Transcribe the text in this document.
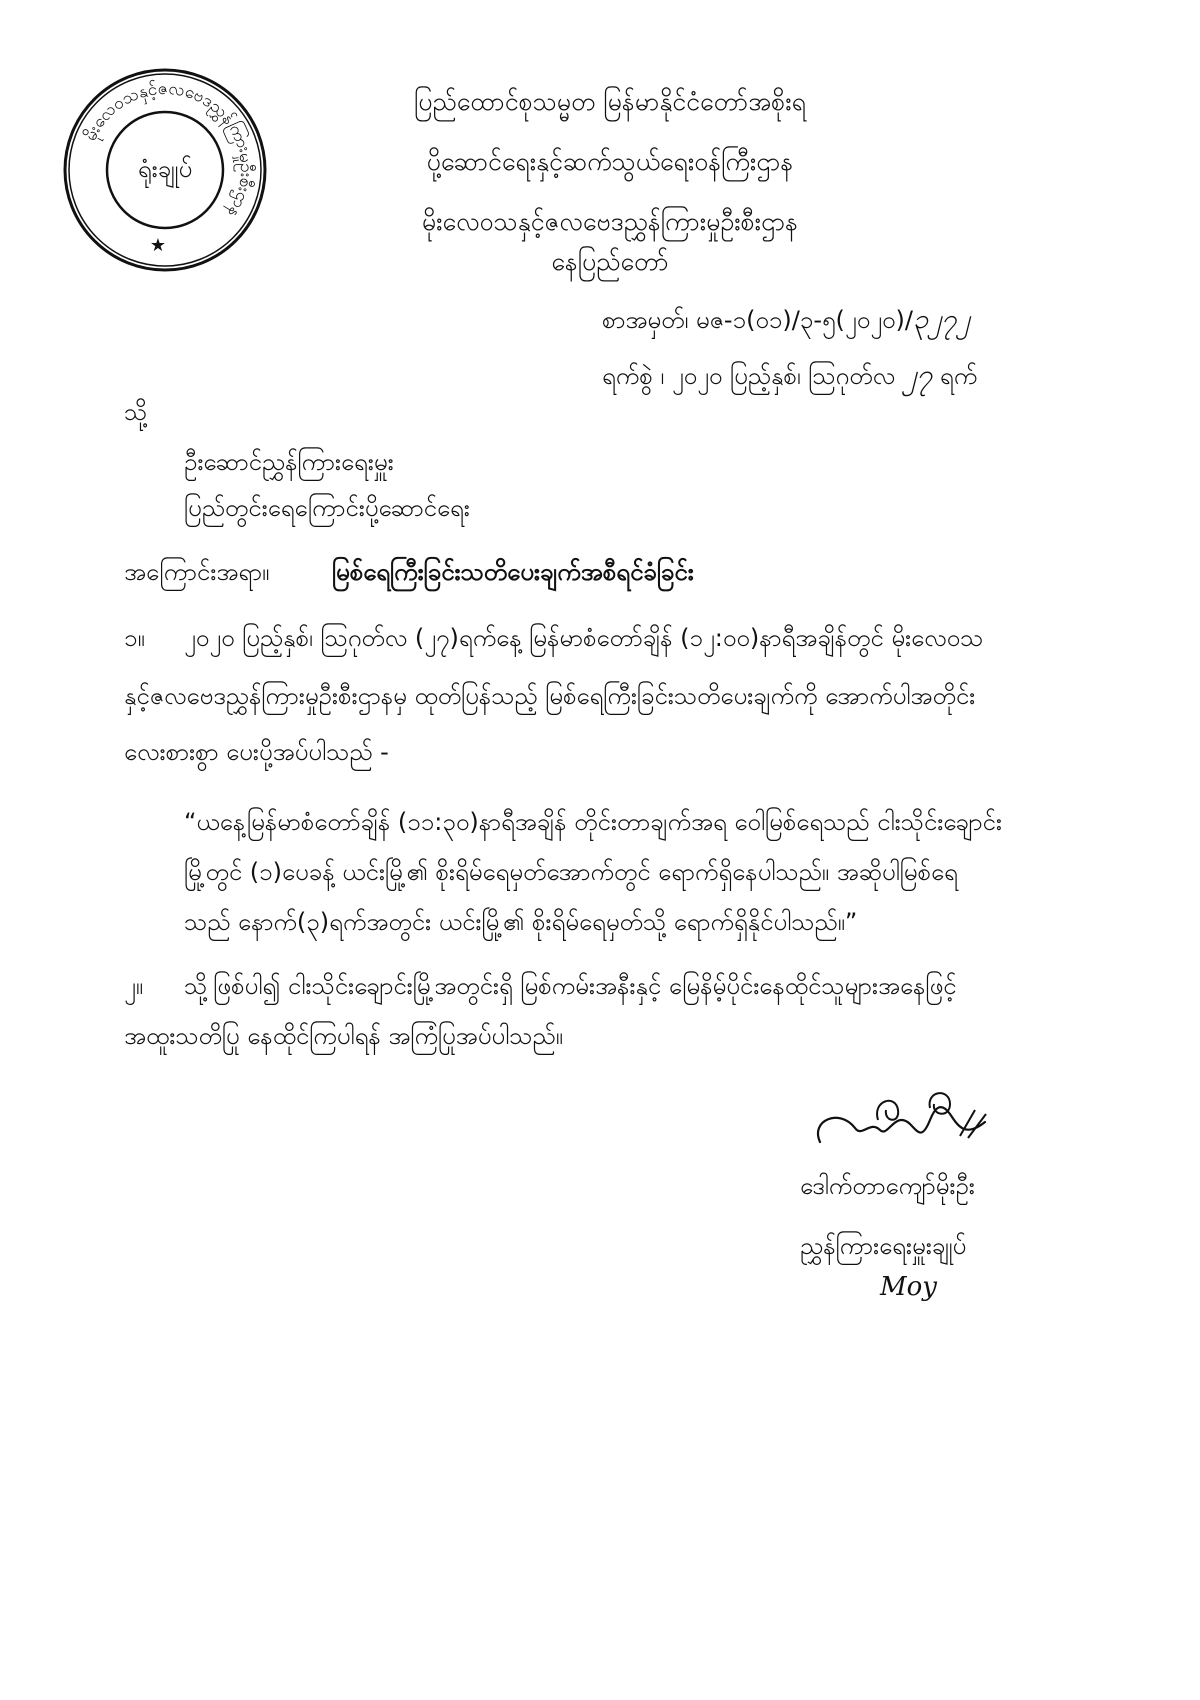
မိုးလေဝသနှင့်ဇလဗေဒညွှန်ကြားမှုဦးစီးဌာန
ရုံးချုပ်
★
ပြည်ထောင်စုသမ္မတ မြန်မာနိုင်ငံတော်အစိုးရ
ပို့ဆောင်ရေးနှင့်ဆက်သွယ်ရေးဝန်ကြီးဌာန
မိုးလေဝသနှင့်ဇလဗေဒညွှန်ကြားမှုဦးစီးဌာန
နေပြည်တော်
စာအမှတ်၊ မဇ-၁(၀၁)/၃-၅(၂၀၂၀)/၃၂၇၂
ရက်စွဲ ၊ ၂၀၂၀ ပြည့်နှစ်၊ ဩဂုတ်လ ၂၇ ရက်
သို့
ဦးဆောင်ညွှန်ကြားရေးမှူး
ပြည်တွင်းရေကြောင်းပို့ဆောင်ရေး
အကြောင်းအရာ။	မြစ်ရေကြီးခြင်းသတိပေးချက်အစီရင်ခံခြင်း
၁။ ၂၀၂၀ ပြည့်နှစ်၊ ဩဂုတ်လ (၂၇)ရက်နေ့ မြန်မာစံတော်ချိန် (၁၂:၀၀)နာရီအချိန်တွင် မိုးလေဝသ
နှင့်ဇလဗေဒညွှန်ကြားမှုဦးစီးဌာနမှ ထုတ်ပြန်သည့် မြစ်ရေကြီးခြင်းသတိပေးချက်ကို အောက်ပါအတိုင်း
လေးစားစွာ ပေးပို့အပ်ပါသည် -
“ယနေ့မြန်မာစံတော်ချိန် (၁၁:၃၀)နာရီအချိန် တိုင်းတာချက်အရ ဝေါမြစ်ရေသည် ငါးသိုင်းချောင်း
မြို့တွင် (၁)ပေခန့် ယင်းမြို့၏ စိုးရိမ်ရေမှတ်အောက်တွင် ရောက်ရှိနေပါသည်။ အဆိုပါမြစ်ရေ
သည် နောက်(၃)ရက်အတွင်း ယင်းမြို့၏ စိုးရိမ်ရေမှတ်သို့ ရောက်ရှိနိုင်ပါသည်။”
၂။ သို့ဖြစ်ပါ၍ ငါးသိုင်းချောင်းမြို့အတွင်းရှိ မြစ်ကမ်းအနီးနှင့် မြေနိမ့်ပိုင်းနေထိုင်သူများအနေဖြင့်
အထူးသတိပြု နေထိုင်ကြပါရန် အကြံပြုအပ်ပါသည်။
ဒေါက်တာကျော်မိုးဦး
ညွှန်ကြားရေးမှူးချုပ်
Moy
